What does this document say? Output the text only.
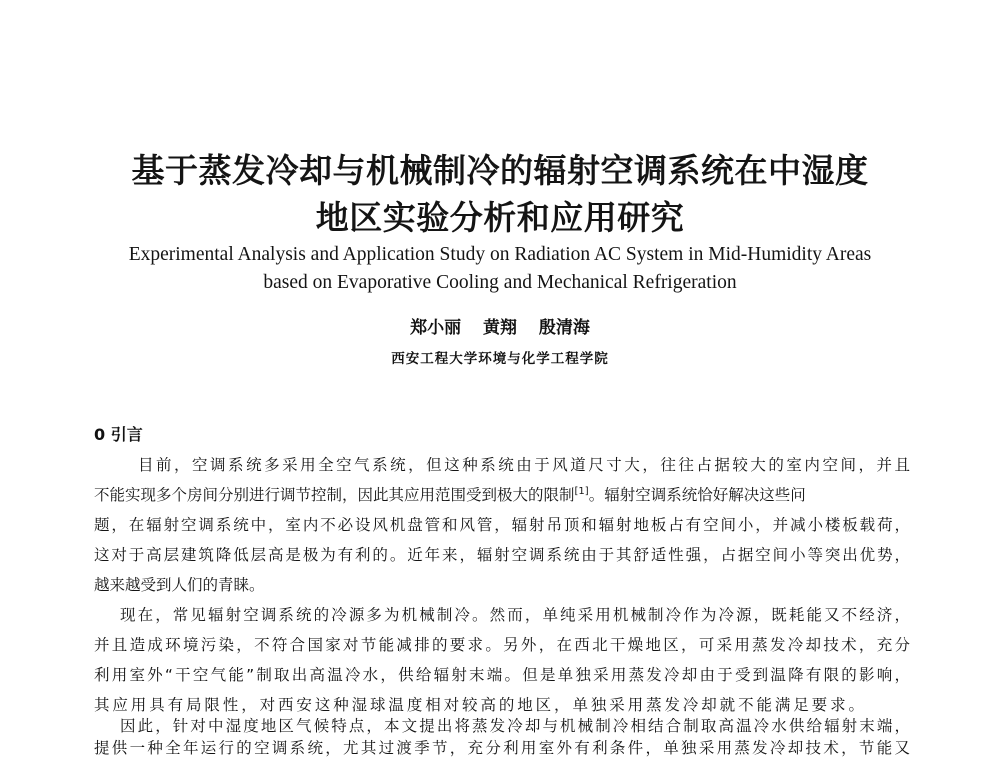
基于蒸发冷却与机械制冷的辐射空调系统在中湿度
地区实验分析和应用研究
Experimental Analysis and Application Study on Radiation AC System in Mid-Humidity Areas
based on Evaporative Cooling and Mechanical Refrigeration
郑小丽 黄翔 殷清海
西安工程大学环境与化学工程学院
0 引言
目前，空调系统多采用全空气系统，但这种系统由于风道尺寸大，往往占据较大的室内空间，并且
不能实现多个房间分别进行调节控制，因此其应用范围受到极大的限制[1]。辐射空调系统恰好解决这些问
题，在辐射空调系统中，室内不必设风机盘管和风管，辐射吊顶和辐射地板占有空间小，并减小楼板载荷，
这对于高层建筑降低层高是极为有利的。近年来，辐射空调系统由于其舒适性强，占据空间小等突出优势，
越来越受到人们的青睐。
现在，常见辐射空调系统的冷源多为机械制冷。然而，单纯采用机械制冷作为冷源，既耗能又不经济，
并且造成环境污染，不符合国家对节能减排的要求。另外，在西北干燥地区，可采用蒸发冷却技术，充分
利用室外“干空气能”制取出高温冷水，供给辐射末端。但是单独采用蒸发冷却由于受到温降有限的影响，
其应用具有局限性，对西安这种湿球温度相对较高的地区，单独采用蒸发冷却就不能满足要求。
因此，针对中湿度地区气候特点，本文提出将蒸发冷却与机械制冷相结合制取高温冷水供给辐射末端，
提供一种全年运行的空调系统，尤其过渡季节，充分利用室外有利条件，单独采用蒸发冷却技术，节能又
